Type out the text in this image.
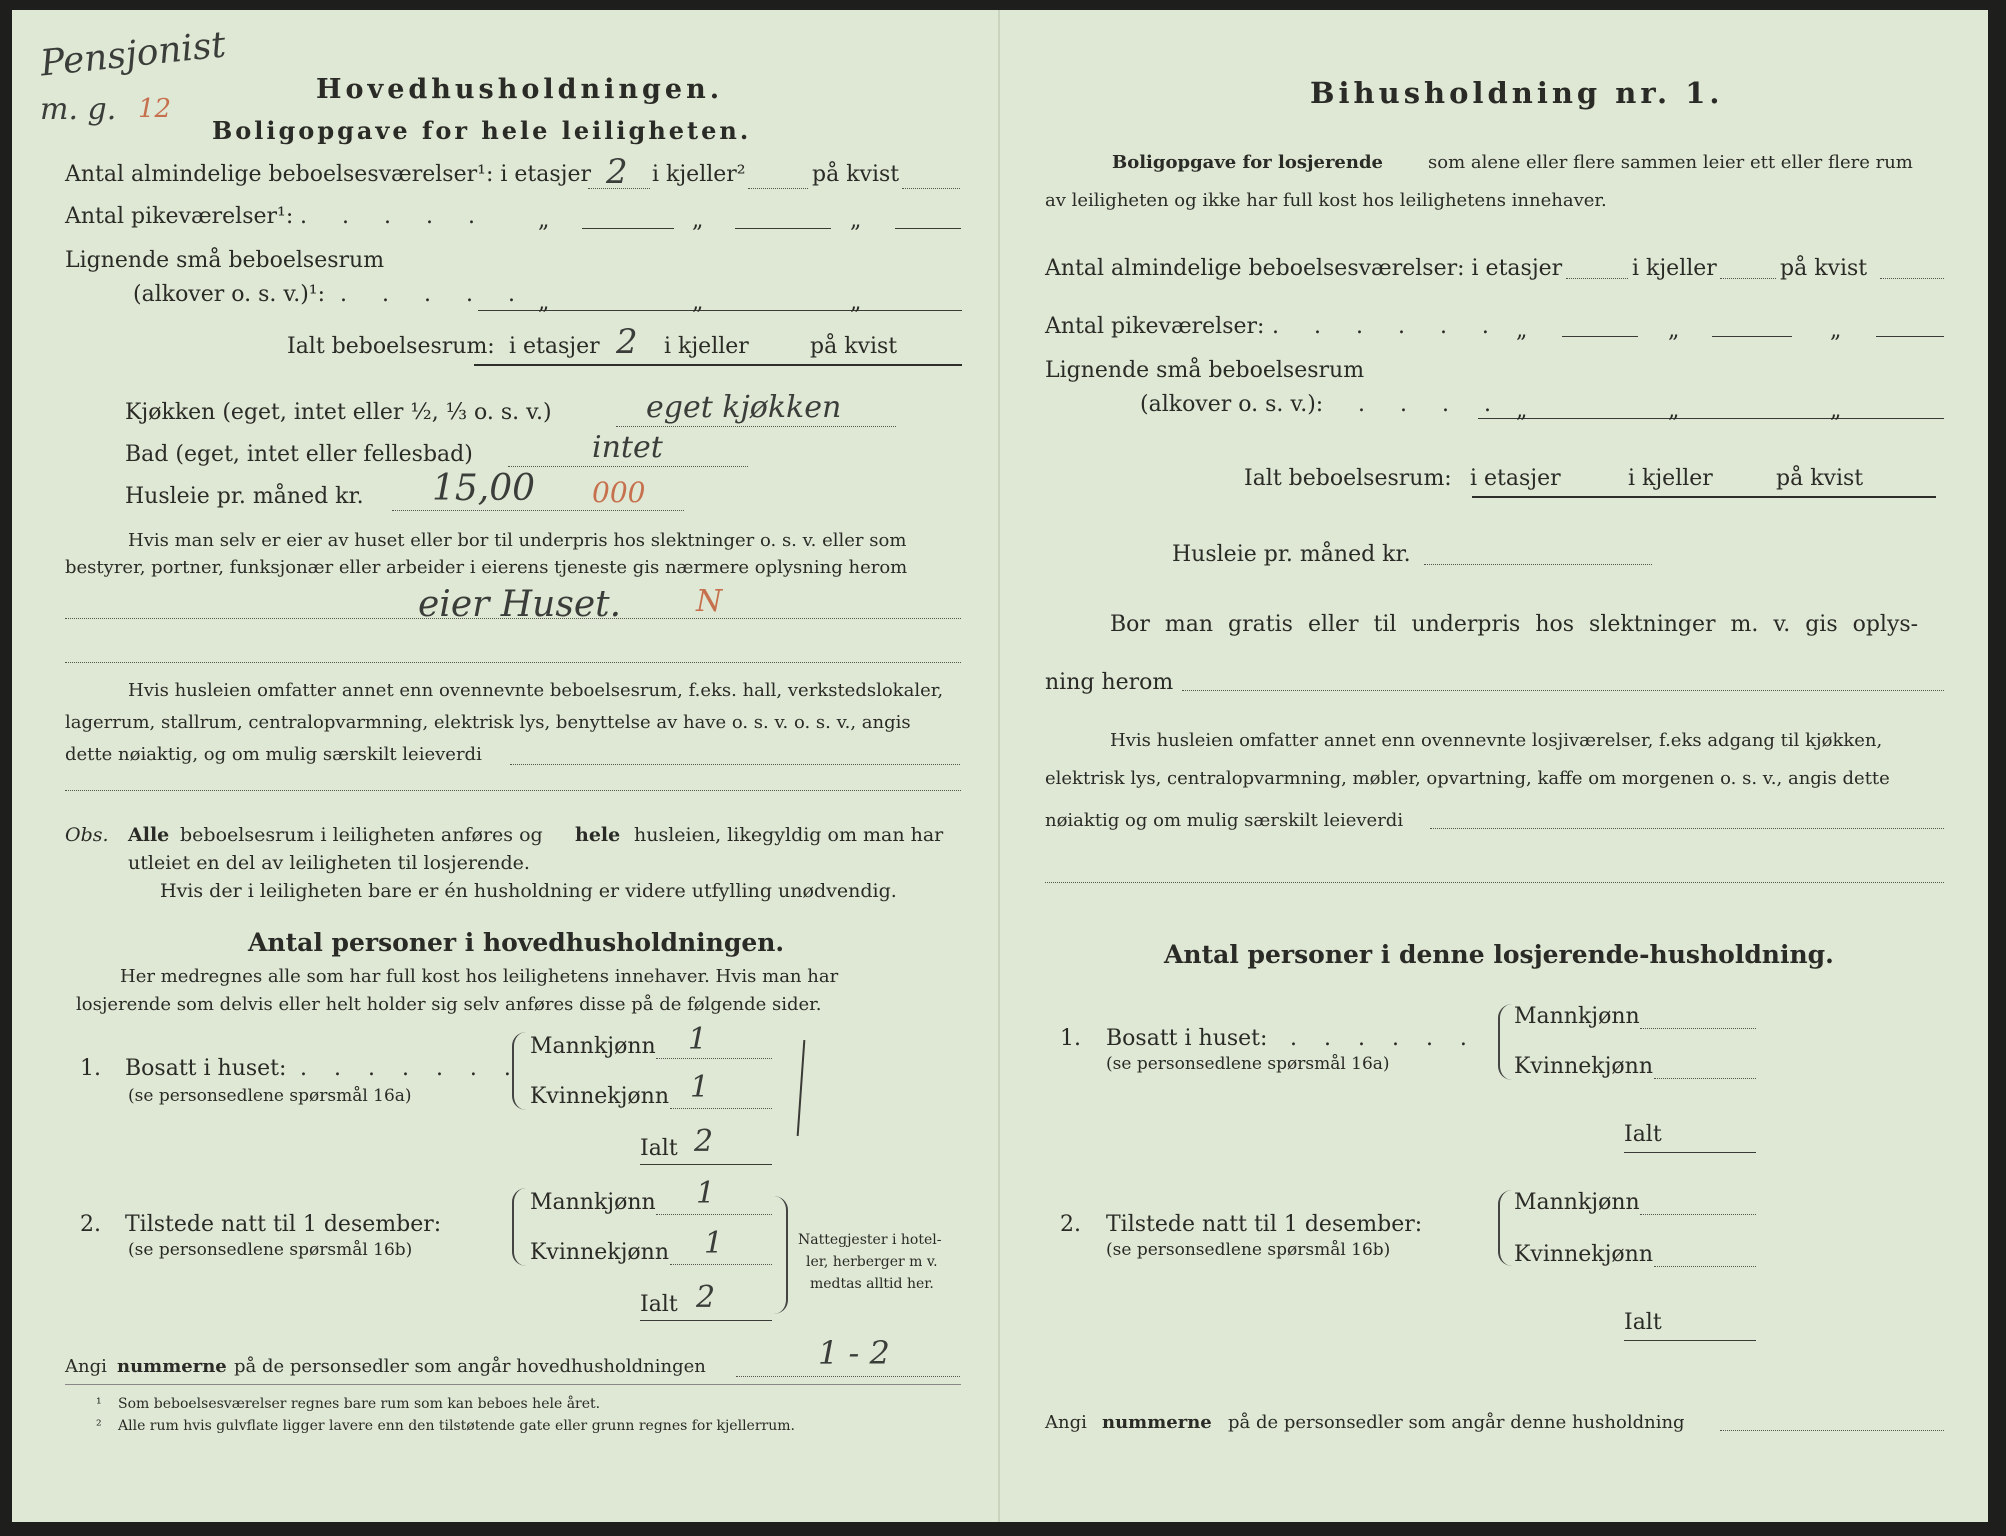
Pensjonist
m. g. 12
Hovedhusholdningen.
Boligopgave for hele leiligheten.
Antal almindelige beboelsesværelser¹: i etasjer 2 i kjeller²	på kvist
Antal pikeværelser¹: . . . . . „	„	„
Lignende små beboelsesrum
(alkover o. s. v.)¹: . . . . . „	„	„
Ialt beboelsesrum: i etasjer 2 i kjeller	på kvist
Kjøkken (eget, intet eller ½, ⅓ o. s. v.)	eget kjøkken
Bad (eget, intet eller fellesbad)	intet
Husleie pr. måned kr. 15,00 000
Hvis man selv er eier av huset eller bor til underpris hos slektninger o. s. v. eller som
bestyrer, portner, funksjonær eller arbeider i eierens tjeneste gis nærmere oplysning herom
eier Huset. N
Hvis husleien omfatter annet enn ovennevnte beboelsesrum, f.eks. hall, verkstedslokaler,
lagerrum, stallrum, centralopvarmning, elektrisk lys, benyttelse av have o. s. v. o. s. v., angis
dette nøiaktig, og om mulig særskilt leieverdi
Obs. Alle beboelsesrum i leiligheten anføres og hele husleien, likegyldig om man har
utleiet en del av leiligheten til losjerende.
Hvis der i leiligheten bare er én husholdning er videre utfylling unødvendig.
Antal personer i hovedhusholdningen.
Her medregnes alle som har full kost hos leilighetens innehaver. Hvis man har
losjerende som delvis eller helt holder sig selv anføres disse på de følgende sider.
1. Bosatt i huset: . . . . . . .
(se personsedlene spørsmål 16a)
Mannkjønn 1
Kvinnekjønn 1
Ialt 2
2. Tilstede natt til 1 desember:
(se personsedlene spørsmål 16b)
Mannkjønn 1
Kvinnekjønn 1
Ialt 2
Nattegjester i hotel-
ler, herberger m v.
medtas alltid her.
Angi nummerne på de personsedler som angår hovedhusholdningen	1 - 2
¹ Som beboelsesværelser regnes bare rum som kan beboes hele året.
² Alle rum hvis gulvflate ligger lavere enn den tilstøtende gate eller grunn regnes for kjellerrum.
Bihusholdning nr. 1.
Boligopgave for losjerende som alene eller flere sammen leier ett eller flere rum
av leiligheten og ikke har full kost hos leilighetens innehaver.
Antal almindelige beboelsesværelser: i etasjer	i kjeller	på kvist
Antal pikeværelser: . . . . . . „	„	„
Lignende små beboelsesrum
(alkover o. s. v.): . . . . „	„	„
Ialt beboelsesrum: i etasjer	i kjeller	på kvist
Husleie pr. måned kr.
Bor man gratis eller til underpris hos slektninger m. v. gis oplys-
ning herom
Hvis husleien omfatter annet enn ovennevnte losjiværelser, f.eks adgang til kjøkken,
elektrisk lys, centralopvarmning, møbler, opvartning, kaffe om morgenen o. s. v., angis dette
nøiaktig og om mulig særskilt leieverdi
Antal personer i denne losjerende-husholdning.
1. Bosatt i huset: . . . . . .
(se personsedlene spørsmål 16a)
Mannkjønn
Kvinnekjønn
Ialt
2. Tilstede natt til 1 desember:
(se personsedlene spørsmål 16b)
Mannkjønn
Kvinnekjønn
Ialt
Angi nummerne på de personsedler som angår denne husholdning
